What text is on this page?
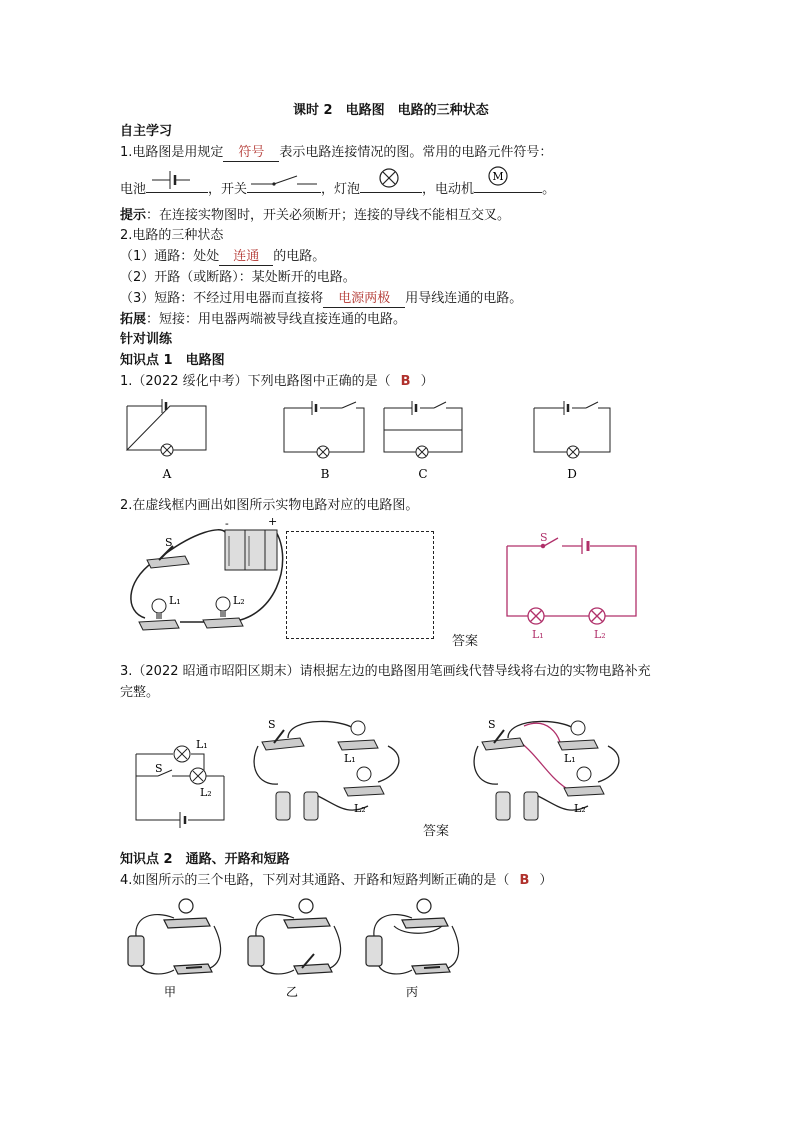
课时 2　电路图　电路的三种状态
自主学习
1.电路图是用规定 符号 表示电路连接情况的图。常用的电路元件符号：
电池	，开关	，灯泡	，电动机
M
。
提示：在连接实物图时，开关必须断开；连接的导线不能相互交叉。
2.电路的三种状态
（1）通路：处处 连通 的电路。
（2）开路（或断路）：某处断开的电路。
（3）短路：不经过用电器而直接将 电源两极 用导线连通的电路。
拓展：短接：用电器两端被导线直接连通的电路。
针对训练
知识点 1　电路图
1.（2022 绥化中考）下列电路图中正确的是（ B ）
A	B	C	D
2.在虚线框内画出如图所示实物电路对应的电路图。
S
-	+
L₁	L₂
答案
S
L₁	L₂
3.（2022 昭通市昭阳区期末）请根据左边的电路图用笔画线代替导线将右边的实物电路补充
完整。
S
L₁
L₂
S
L₁
L₂
答案
S
L₁
L₂
知识点 2　通路、开路和短路
4.如图所示的三个电路，下列对其通路、开路和短路判断正确的是（ B ）
甲	乙	丙
